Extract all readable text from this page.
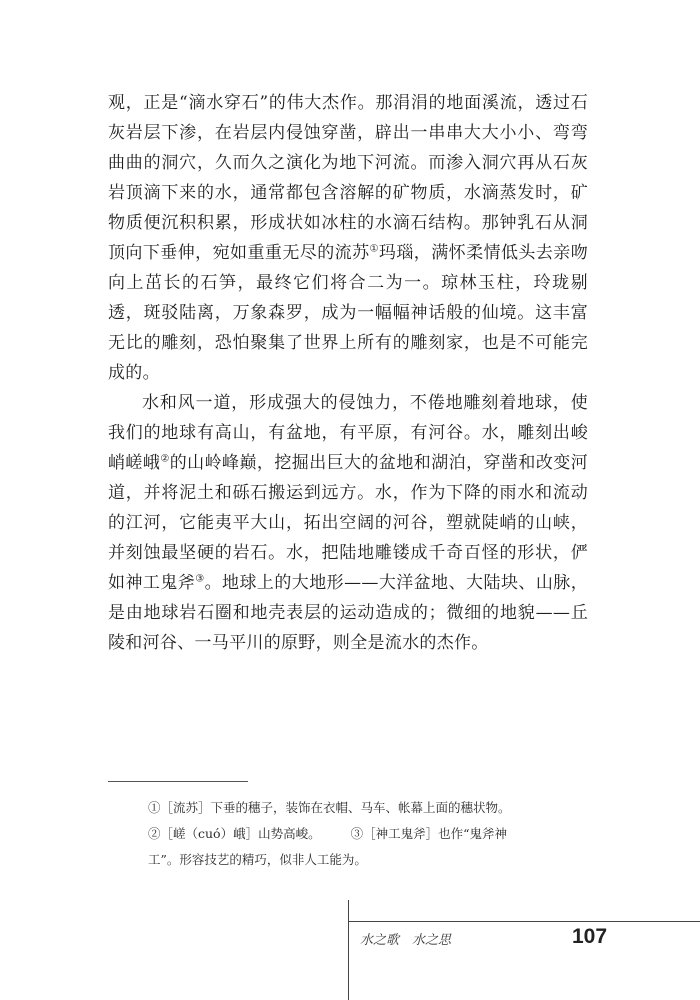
观，正是“滴水穿石”的伟大杰作。那涓涓的地面溪流，透过石灰岩层下渗，在岩层内侵蚀穿凿，辟出一串串大大小小、弯弯曲曲的洞穴，久而久之演化为地下河流。而渗入洞穴再从石灰岩顶滴下来的水，通常都包含溶解的矿物质，水滴蒸发时，矿物质便沉积积累，形成状如冰柱的水滴石结构。那钟乳石从洞顶向下垂伸，宛如重重无尽的流苏①玛瑙，满怀柔情低头去亲吻向上茁长的石笋，最终它们将合二为一。琼林玉柱，玲珑剔透，斑驳陆离，万象森罗，成为一幅幅神话般的仙境。这丰富无比的雕刻，恐怕聚集了世界上所有的雕刻家，也是不可能完成的。

水和风一道，形成强大的侵蚀力，不倦地雕刻着地球，使我们的地球有高山，有盆地，有平原，有河谷。水，雕刻出峻峭嵯峨②的山岭峰巅，挖掘出巨大的盆地和湖泊，穿凿和改变河道，并将泥土和砾石搬运到远方。水，作为下降的雨水和流动的江河，它能夷平大山，拓出空阔的河谷，塑就陡峭的山峡，并刻蚀最坚硬的岩石。水，把陆地雕镂成千奇百怪的形状，俨如神工鬼斧③。地球上的大地形——大洋盆地、大陆块、山脉，是由地球岩石圈和地壳表层的运动造成的；微细的地貌——丘陵和河谷、一马平川的原野，则全是流水的杰作。

①［流苏］下垂的穗子，装饰在衣帽、马车、帐幕上面的穗状物。

②［嵯（cuó）峨］山势高峻。 ③［神工鬼斧］也作“鬼斧神

工”。形容技艺的精巧，似非人工能为。

水之歌　水之思	107
